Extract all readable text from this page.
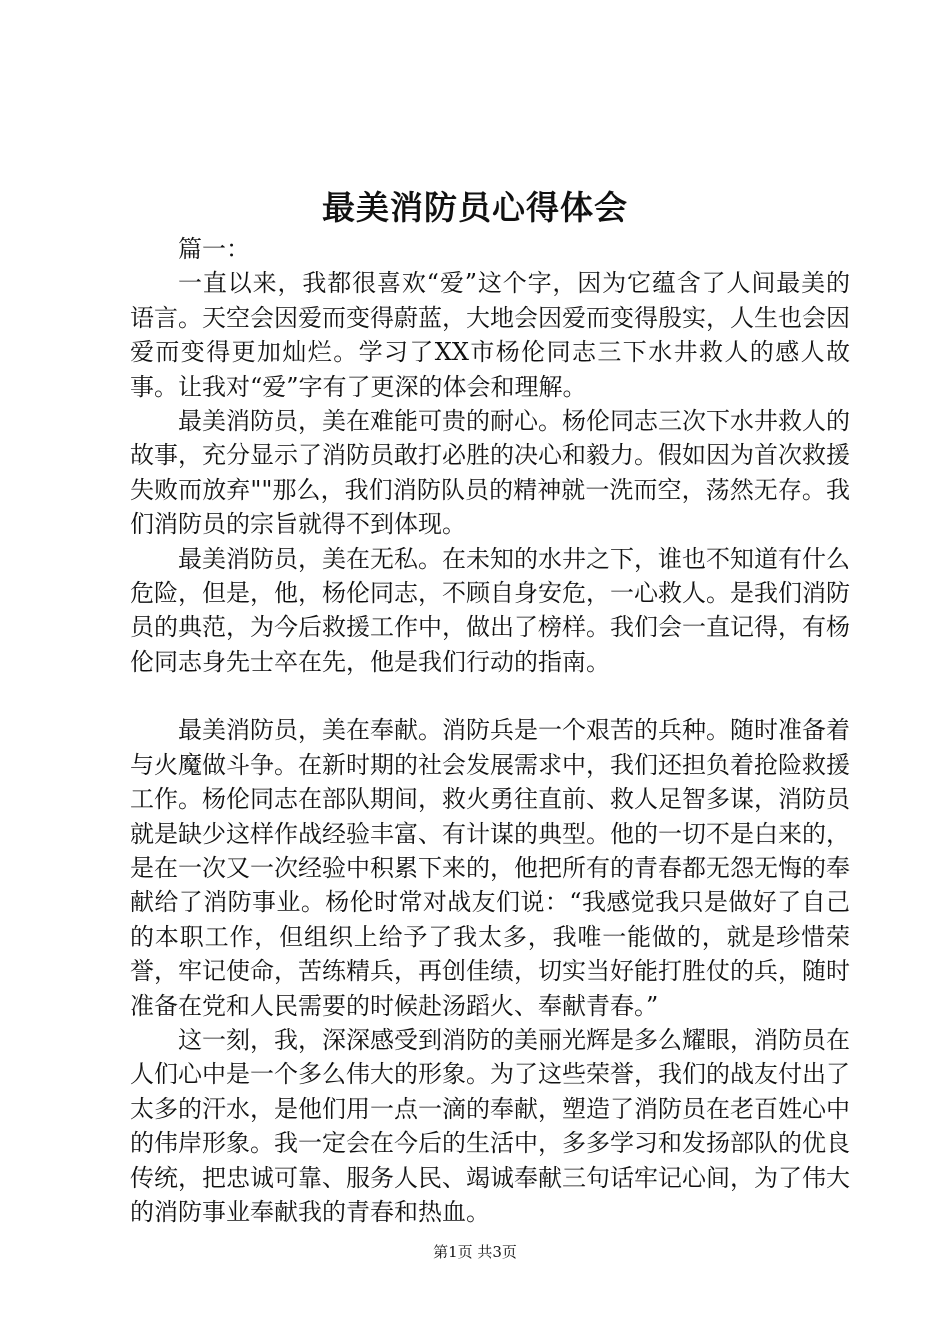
最美消防员心得体会

篇一：

一直以来，我都很喜欢“爱”这个字，因为它蕴含了人间最美的语言。天空会因爱而变得蔚蓝，大地会因爱而变得殷实，人生也会因爱而变得更加灿烂。学习了XX市杨伦同志三下水井救人的感人故事。让我对“爱”字有了更深的体会和理解。

最美消防员，美在难能可贵的耐心。杨伦同志三次下水井救人的故事，充分显示了消防员敢打必胜的决心和毅力。假如因为首次救援失败而放弃""那么，我们消防队员的精神就一洗而空，荡然无存。我们消防员的宗旨就得不到体现。

最美消防员，美在无私。在未知的水井之下，谁也不知道有什么危险，但是，他，杨伦同志，不顾自身安危，一心救人。是我们消防员的典范，为今后救援工作中，做出了榜样。我们会一直记得，有杨伦同志身先士卒在先，他是我们行动的指南。

最美消防员，美在奉献。消防兵是一个艰苦的兵种。随时准备着与火魔做斗争。在新时期的社会发展需求中，我们还担负着抢险救援工作。杨伦同志在部队期间，救火勇往直前、救人足智多谋，消防员就是缺少这样作战经验丰富、有计谋的典型。他的一切不是白来的，是在一次又一次经验中积累下来的，他把所有的青春都无怨无悔的奉献给了消防事业。杨伦时常对战友们说：“我感觉我只是做好了自己的本职工作，但组织上给予了我太多，我唯一能做的，就是珍惜荣誉，牢记使命，苦练精兵，再创佳绩，切实当好能打胜仗的兵，随时准备在党和人民需要的时候赴汤蹈火、奉献青春。”

这一刻，我，深深感受到消防的美丽光辉是多么耀眼，消防员在人们心中是一个多么伟大的形象。为了这些荣誉，我们的战友付出了太多的汗水，是他们用一点一滴的奉献，塑造了消防员在老百姓心中的伟岸形象。我一定会在今后的生活中，多多学习和发扬部队的优良传统，把忠诚可靠、服务人民、竭诚奉献三句话牢记心间，为了伟大的消防事业奉献我的青春和热血。

第1页 共3页
